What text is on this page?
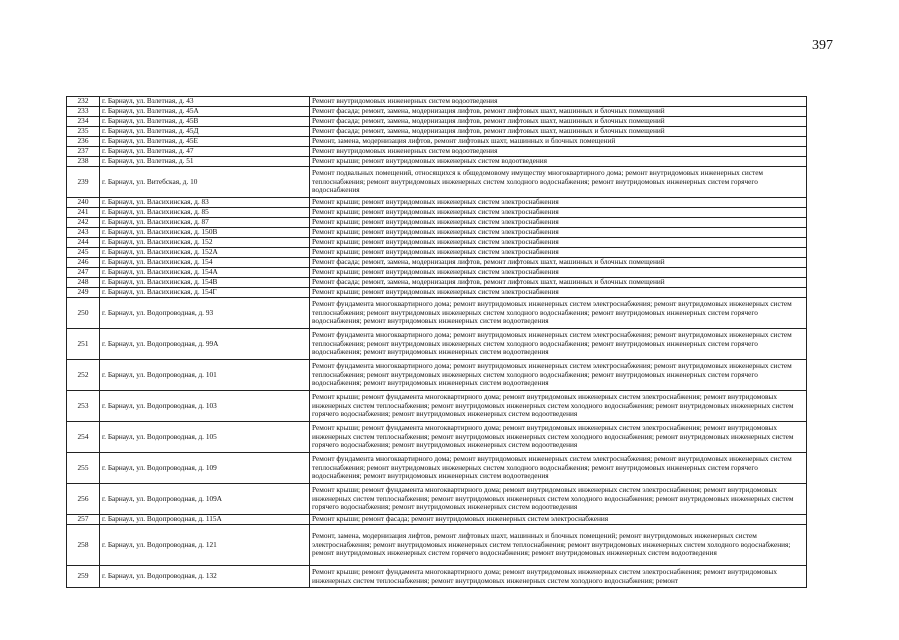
397
232	г. Барнаул, ул. Взлетная, д. 43	Ремонт внутридомовых инженерных систем водоотведения
233	г. Барнаул, ул. Взлетная, д. 45А	Ремонт фасада; ремонт, замена, модернизация лифтов, ремонт лифтовых шахт, машинных и блочных помещений
234	г. Барнаул, ул. Взлетная, д. 45В	Ремонт фасада; ремонт, замена, модернизация лифтов, ремонт лифтовых шахт, машинных и блочных помещений
235	г. Барнаул, ул. Взлетная, д. 45Д	Ремонт фасада; ремонт, замена, модернизация лифтов, ремонт лифтовых шахт, машинных и блочных помещений
236	г. Барнаул, ул. Взлетная, д. 45Е	Ремонт, замена, модернизация лифтов, ремонт лифтовых шахт, машинных и блочных помещений
237	г. Барнаул, ул. Взлетная, д. 47	Ремонт внутридомовых инженерных систем водоотведения
238	г. Барнаул, ул. Взлетная, д. 51	Ремонт крыши; ремонт внутридомовых инженерных систем водоотведения
239	г. Барнаул, ул. Витебская, д. 10	Ремонт подвальных помещений, относящихся к общедомовому имуществу многоквартирного дома; ремонт внутридомовых инженерных систем теплоснабжения; ремонт внутридомовых инженерных систем холодного водоснабжения; ремонт внутридомовых инженерных систем горячего водоснабжения
240	г. Барнаул, ул. Власихинская, д. 83	Ремонт крыши; ремонт внутридомовых инженерных систем электроснабжения
241	г. Барнаул, ул. Власихинская, д. 85	Ремонт крыши; ремонт внутридомовых инженерных систем электроснабжения
242	г. Барнаул, ул. Власихинская, д. 87	Ремонт крыши; ремонт внутридомовых инженерных систем электроснабжения
243	г. Барнаул, ул. Власихинская, д. 150В	Ремонт крыши; ремонт внутридомовых инженерных систем электроснабжения
244	г. Барнаул, ул. Власихинская, д. 152	Ремонт крыши; ремонт внутридомовых инженерных систем электроснабжения
245	г. Барнаул, ул. Власихинская, д. 152А	Ремонт крыши; ремонт внутридомовых инженерных систем электроснабжения
246	г. Барнаул, ул. Власихинская, д. 154	Ремонт фасада; ремонт, замена, модернизация лифтов, ремонт лифтовых шахт, машинных и блочных помещений
247	г. Барнаул, ул. Власихинская, д. 154А	Ремонт крыши; ремонт внутридомовых инженерных систем электроснабжения
248	г. Барнаул, ул. Власихинская, д. 154В	Ремонт фасада; ремонт, замена, модернизация лифтов, ремонт лифтовых шахт, машинных и блочных помещений
249	г. Барнаул, ул. Власихинская, д. 154Г	Ремонт крыши; ремонт внутридомовых инженерных систем электроснабжения
250	г. Барнаул, ул. Водопроводная, д. 93	Ремонт фундамента многоквартирного дома; ремонт внутридомовых инженерных систем электроснабжения; ремонт внутридомовых инженерных систем теплоснабжения; ремонт внутридомовых инженерных систем холодного водоснабжения; ремонт внутридомовых инженерных систем горячего водоснабжения; ремонт внутридомовых инженерных систем водоотведения
251	г. Барнаул, ул. Водопроводная, д. 99А	Ремонт фундамента многоквартирного дома; ремонт внутридомовых инженерных систем электроснабжения; ремонт внутридомовых инженерных систем теплоснабжения; ремонт внутридомовых инженерных систем холодного водоснабжения; ремонт внутридомовых инженерных систем горячего водоснабжения; ремонт внутридомовых инженерных систем водоотведения
252	г. Барнаул, ул. Водопроводная, д. 101	Ремонт фундамента многоквартирного дома; ремонт внутридомовых инженерных систем электроснабжения; ремонт внутридомовых инженерных систем теплоснабжения; ремонт внутридомовых инженерных систем холодного водоснабжения; ремонт внутридомовых инженерных систем горячего водоснабжения; ремонт внутридомовых инженерных систем водоотведения
253	г. Барнаул, ул. Водопроводная, д. 103	Ремонт крыши; ремонт фундамента многоквартирного дома; ремонт внутридомовых инженерных систем электроснабжения; ремонт внутридомовых инженерных систем теплоснабжения; ремонт внутридомовых инженерных систем холодного водоснабжения; ремонт внутридомовых инженерных систем горячего водоснабжения; ремонт внутридомовых инженерных систем водоотведения
254	г. Барнаул, ул. Водопроводная, д. 105	Ремонт крыши; ремонт фундамента многоквартирного дома; ремонт внутридомовых инженерных систем электроснабжения; ремонт внутридомовых инженерных систем теплоснабжения; ремонт внутридомовых инженерных систем холодного водоснабжения; ремонт внутридомовых инженерных систем горячего водоснабжения; ремонт внутридомовых инженерных систем водоотведения
255	г. Барнаул, ул. Водопроводная, д. 109	Ремонт фундамента многоквартирного дома; ремонт внутридомовых инженерных систем электроснабжения; ремонт внутридомовых инженерных систем теплоснабжения; ремонт внутридомовых инженерных систем холодного водоснабжения; ремонт внутридомовых инженерных систем горячего водоснабжения; ремонт внутридомовых инженерных систем водоотведения
256	г. Барнаул, ул. Водопроводная, д. 109А	Ремонт крыши; ремонт фундамента многоквартирного дома; ремонт внутридомовых инженерных систем электроснабжения; ремонт внутридомовых инженерных систем теплоснабжения; ремонт внутридомовых инженерных систем холодного водоснабжения; ремонт внутридомовых инженерных систем горячего водоснабжения; ремонт внутридомовых инженерных систем водоотведения
257	г. Барнаул, ул. Водопроводная, д. 115А	Ремонт крыши; ремонт фасада; ремонт внутридомовых инженерных систем электроснабжения
258	г. Барнаул, ул. Водопроводная, д. 121	Ремонт, замена, модернизация лифтов, ремонт лифтовых шахт, машинных и блочных помещений; ремонт внутридомовых инженерных систем электроснабжения; ремонт внутридомовых инженерных систем теплоснабжения; ремонт внутридомовых инженерных систем холодного водоснабжения; ремонт внутридомовых инженерных систем горячего водоснабжения; ремонт внутридомовых инженерных систем водоотведения
259	г. Барнаул, ул. Водопроводная, д. 132	Ремонт крыши; ремонт фундамента многоквартирного дома; ремонт внутридомовых инженерных систем электроснабжения; ремонт внутридомовых инженерных систем теплоснабжения; ремонт внутридомовых инженерных систем холодного водоснабжения; ремонт
